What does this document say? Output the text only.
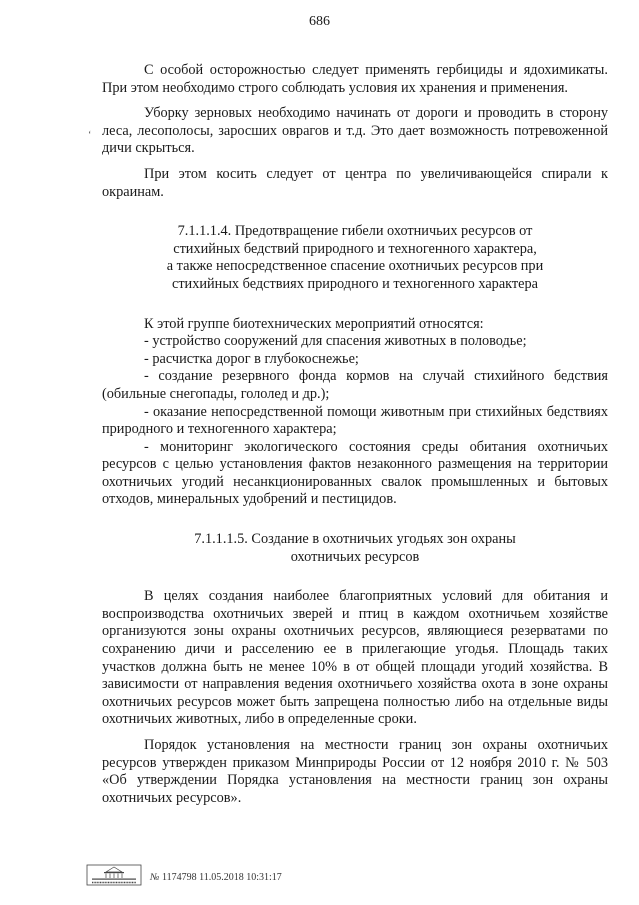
686
‘

С особой осторожностью следует применять гербициды и ядохимикаты. При этом необходимо строго соблюдать условия их хранения и применения.

Уборку зерновых необходимо начинать от дороги и проводить в сторону леса, лесополосы, заросших оврагов и т.д. Это дает возможность потревоженной дичи скрыться.

При этом косить следует от центра по увеличивающейся спирали к окраинам.

7.1.1.1.4. Предотвращение гибели охотничьих ресурсов от

стихийных бедствий природного и техногенного характера,

а также непосредственное спасение охотничьих ресурсов при

стихийных бедствиях природного и техногенного характера

К этой группе биотехнических мероприятий относятся:

- устройство сооружений для спасения животных в половодье;

- расчистка дорог в глубокоснежье;

- создание резервного фонда кормов на случай стихийного бедствия (обильные снегопады, гололед и др.);

- оказание непосредственной помощи животным при стихийных бедствиях природного и техногенного характера;

- мониторинг экологического состояния среды обитания охотничьих ресурсов с целью установления фактов незаконного размещения на территории охотничьих угодий несанкционированных свалок промышленных и бытовых отходов, минеральных удобрений и пестицидов.

7.1.1.1.5. Создание в охотничьих угодьях зон охраны

охотничьих ресурсов

В целях создания наиболее благоприятных условий для обитания и воспроизводства охотничьих зверей и птиц в каждом охотничьем хозяйстве организуются зоны охраны охотничьих ресурсов, являющиеся резерватами по сохранению дичи и расселению ее в прилегающие угодья. Площадь таких участков должна быть не менее 10% в от общей площади угодий хозяйства. В зависимости от направления ведения охотничьего хозяйства охота в зоне охраны охотничьих ресурсов может быть запрещена полностью либо на отдельные виды охотничьих животных, либо в определенные сроки.

Порядок установления на местности границ зон охраны охотничьих ресурсов утвержден приказом Минприроды России от 12 ноября 2010 г. № 503 «Об утверждении Порядка установления на местности границ зон охраны охотничьих ресурсов».

№ 1174798 11.05.2018 10:31:17
